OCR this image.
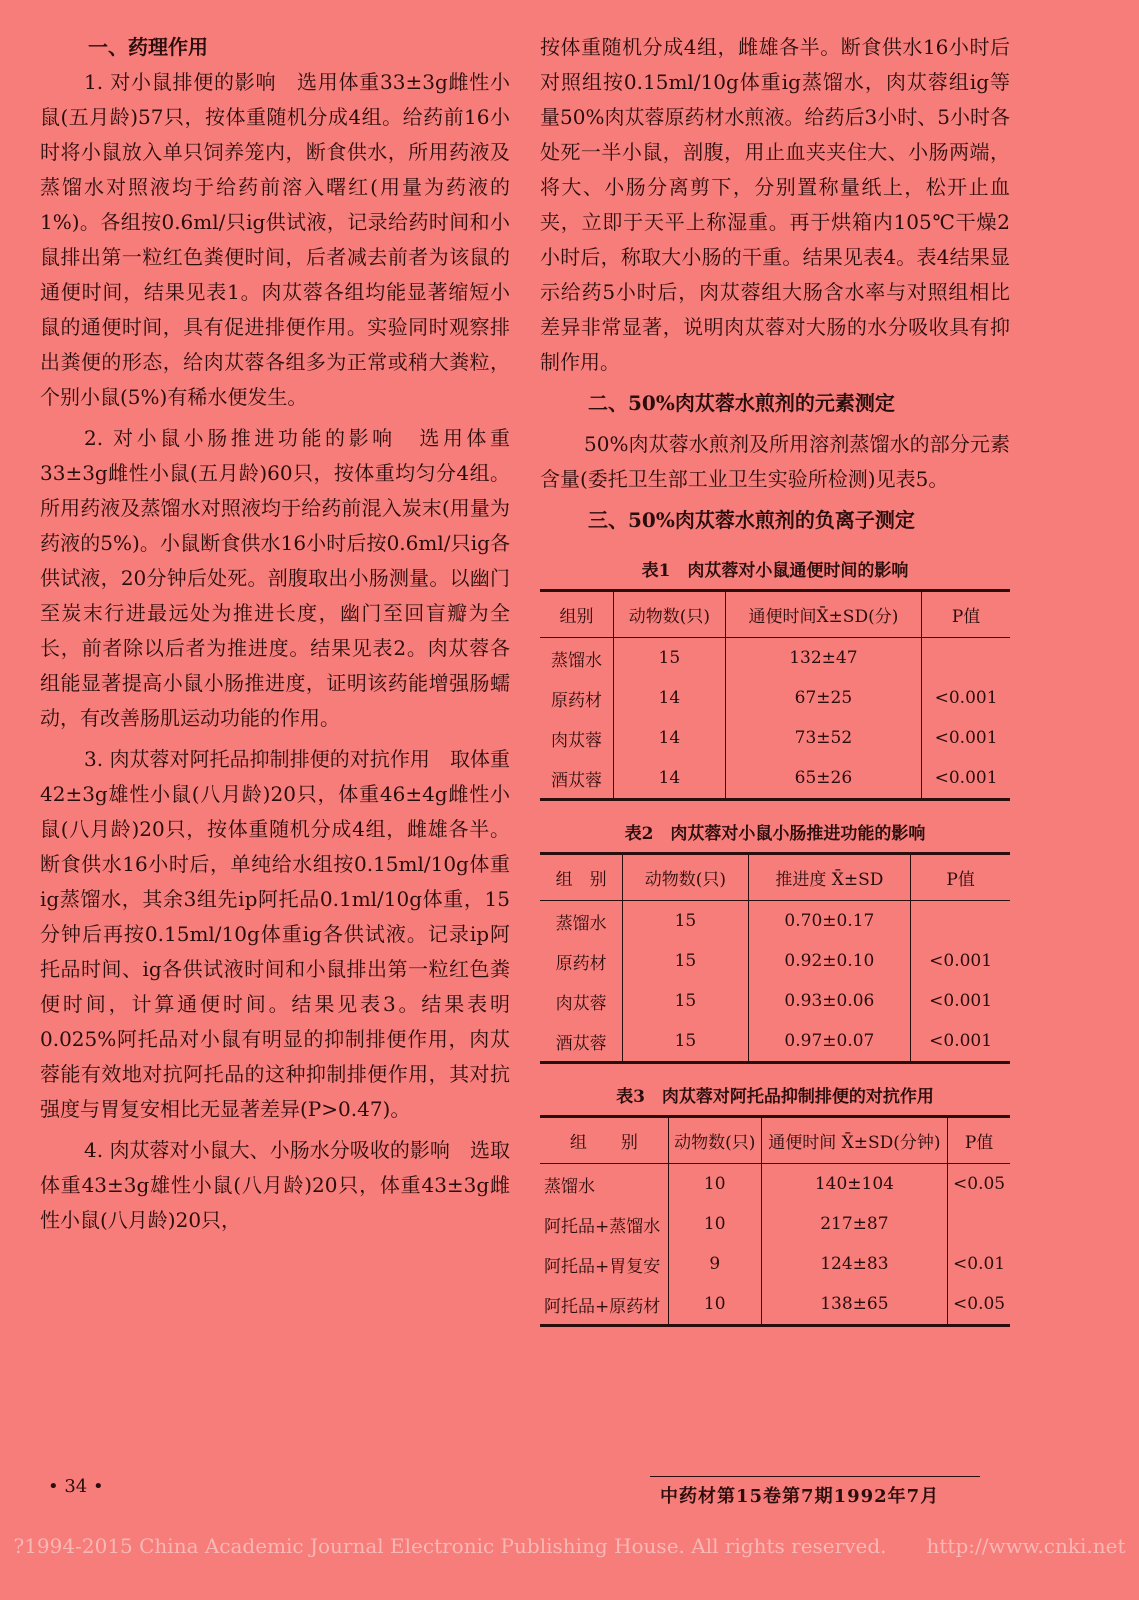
一、药理作用

1. 对小鼠排便的影响　 选用体重33±3g雌性小鼠(五月龄)57只，按体重随机分成4组。给药前16小时将小鼠放入单只饲养笼内，断食供水，所用药液及蒸馏水对照液均于给药前溶入曙红(用量为药液的1%)。各组按0.6ml/只ig供试液，记录给药时间和小鼠排出第一粒红色粪便时间，后者减去前者为该鼠的通便时间，结果见表1。肉苁蓉各组均能显著缩短小鼠的通便时间，具有促进排便作用。实验同时观察排出粪便的形态，给肉苁蓉各组多为正常或稍大粪粒，个别小鼠(5%)有稀水便发生。

2. 对小鼠小肠推进功能的影响　 选用体重33±3g雌性小鼠(五月龄)60只，按体重均匀分4组。所用药液及蒸馏水对照液均于给药前混入炭末(用量为药液的5%)。小鼠断食供水16小时后按0.6ml/只ig各供试液，20分钟后处死。剖腹取出小肠测量。以幽门至炭末行进最远处为推进长度，幽门至回盲瓣为全长，前者除以后者为推进度。结果见表2。肉苁蓉各组能显著提高小鼠小肠推进度，证明该药能增强肠蠕动，有改善肠肌运动功能的作用。

3. 肉苁蓉对阿托品抑制排便的对抗作用　 取体重42±3g雄性小鼠(八月龄)20只，体重46±4g雌性小鼠(八月龄)20只，按体重随机分成4组，雌雄各半。断食供水16小时后，单纯给水组按0.15ml/10g体重ig蒸馏水，其余3组先ip阿托品0.1ml/10g体重，15分钟后再按0.15ml/10g体重ig各供试液。记录ip阿托品时间、ig各供试液时间和小鼠排出第一粒红色粪便时间，计算通便时间。结果见表3。结果表明0.025%阿托品对小鼠有明显的抑制排便作用，肉苁蓉能有效地对抗阿托品的这种抑制排便作用，其对抗强度与胃复安相比无显著差异(P>0.47)。

4. 肉苁蓉对小鼠大、小肠水分吸收的影响　 选取体重43±3g雄性小鼠(八月龄)20只，体重43±3g雌性小鼠(八月龄)20只，

按体重随机分成4组，雌雄各半。断食供水16小时后对照组按0.15ml/10g体重ig蒸馏水，肉苁蓉组ig等量50%肉苁蓉原药材水煎液。给药后3小时、5小时各处死一半小鼠，剖腹，用止血夹夹住大、小肠两端，将大、小肠分离剪下，分别置称量纸上，松开止血夹，立即于天平上称湿重。再于烘箱内105℃干燥2小时后，称取大小肠的干重。结果见表4。表4结果显示给药5小时后，肉苁蓉组大肠含水率与对照组相比差异非常显著，说明肉苁蓉对大肠的水分吸收具有抑制作用。

二、50%肉苁蓉水煎剂的元素测定

50%肉苁蓉水煎剂及所用溶剂蒸馏水的部分元素含量(委托卫生部工业卫生实验所检测)见表5。

三、50%肉苁蓉水煎剂的负离子测定
表1　肉苁蓉对小鼠通便时间的影响
组别	动物数(只)	通便时间X̄±SD(分)	P值
蒸馏水	15	132±47	
原药材	14	67±25	<0.001
肉苁蓉	14	73±52	<0.001
酒苁蓉	14	65±26	<0.001
表2　肉苁蓉对小鼠小肠推进功能的影响
组　别	动物数(只)	推进度 X̄±SD	P值
蒸馏水	15	0.70±0.17	
原药材	15	0.92±0.10	<0.001
肉苁蓉	15	0.93±0.06	<0.001
酒苁蓉	15	0.97±0.07	<0.001
表3　肉苁蓉对阿托品抑制排便的对抗作用
组　　别	动物数(只)	通便时间 X̄±SD(分钟)	P值
蒸馏水	10	140±104	<0.05
阿托品+蒸馏水	10	217±87	
阿托品+胃复安	9	124±83	<0.01
阿托品+原药材	10	138±65	<0.05
• 34 •	中药材第15卷第7期1992年7月
?1994-2015 China Academic Journal Electronic Publishing House. All rights reserved.　　http://www.cnki.net
